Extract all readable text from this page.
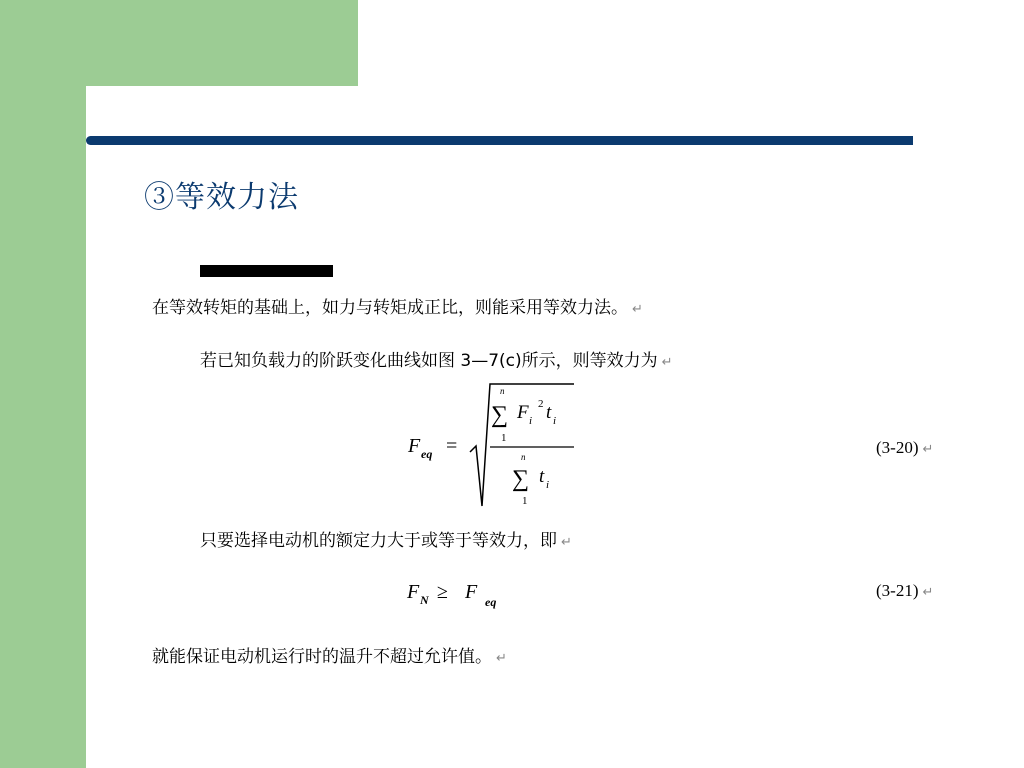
③等效力法
在等效转矩的基础上，如力与转矩成正比，则能采用等效力法。 ↵
若已知负载力的阶跃变化曲线如图 3—7(c)所示，则等效力为 ↵
F eq =
n
∑
1
F i
2 t i
n
∑
1
t i
(3-20) ↵
只要选择电动机的额定力大于或等于等效力，即 ↵
F N ≥ F eq
(3-21) ↵
就能保证电动机运行时的温升不超过允许值。 ↵
